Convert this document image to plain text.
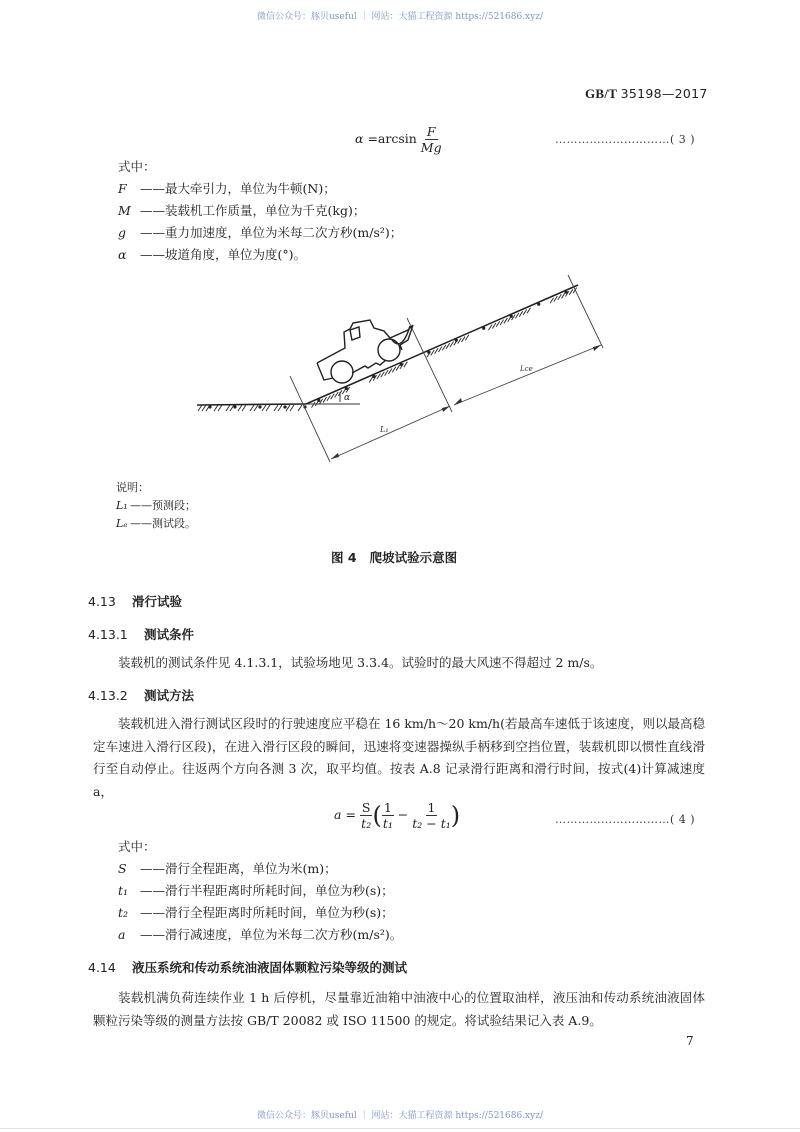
微信公众号：豚贝useful ｜ 网站：大猫工程资源 https://521686.xyz/
GB/T 35198—2017
$\alpha =\arcsin \frac{F}{Mg}$	…………………………( 3 )
式中：
F ——最大牵引力，单位为牛顿(N)；
M ——装载机工作质量，单位为千克(kg)；
g ——重力加速度，单位为米每二次方秒(m/s²)；
α ——坡道角度，单位为度(°)。
α
L₁
Lce
说明：
L₁ ——预测段；
Lₑ ——测试段。
图 4 爬坡试验示意图
4.13 滑行试验
4.13.1 测试条件
装载机的测试条件见 4.1.3.1，试验场地见 3.3.4。试验时的最大风速不得超过 2 m/s。
4.13.2 测试方法
装载机进入滑行测试区段时的行驶速度应平稳在 16 km/h～20 km/h(若最高车速低于该速度，则以最高稳定车速进入滑行区段)，在进入滑行区段的瞬间，迅速将变速器操纵手柄移到空挡位置，装载机即以惯性直线滑行至自动停止。往返两个方向各测 3 次，取平均值。按表 A.8 记录滑行距离和滑行时间，按式(4)计算减速度 a，
$a = \frac{S}{\text{t₂}}$ ( $\frac{1}{\text{t₁}} - \frac{1}{\text{t₂ − t₁}}$ )	…………………………( 4 )
式中：
S ——滑行全程距离，单位为米(m)；
t₁ ——滑行半程距离时所耗时间，单位为秒(s)；
t₂ ——滑行全程距离时所耗时间，单位为秒(s)；
a ——滑行减速度，单位为米每二次方秒(m/s²)。
4.14 液压系统和传动系统油液固体颗粒污染等级的测试
装载机满负荷连续作业 1 h 后停机，尽量靠近油箱中油液中心的位置取油样，液压油和传动系统油液固体颗粒污染等级的测量方法按 GB/T 20082 或 ISO 11500 的规定。将试验结果记入表 A.9。
7
微信公众号：豚贝useful ｜ 网站：大猫工程资源 https://521686.xyz/
